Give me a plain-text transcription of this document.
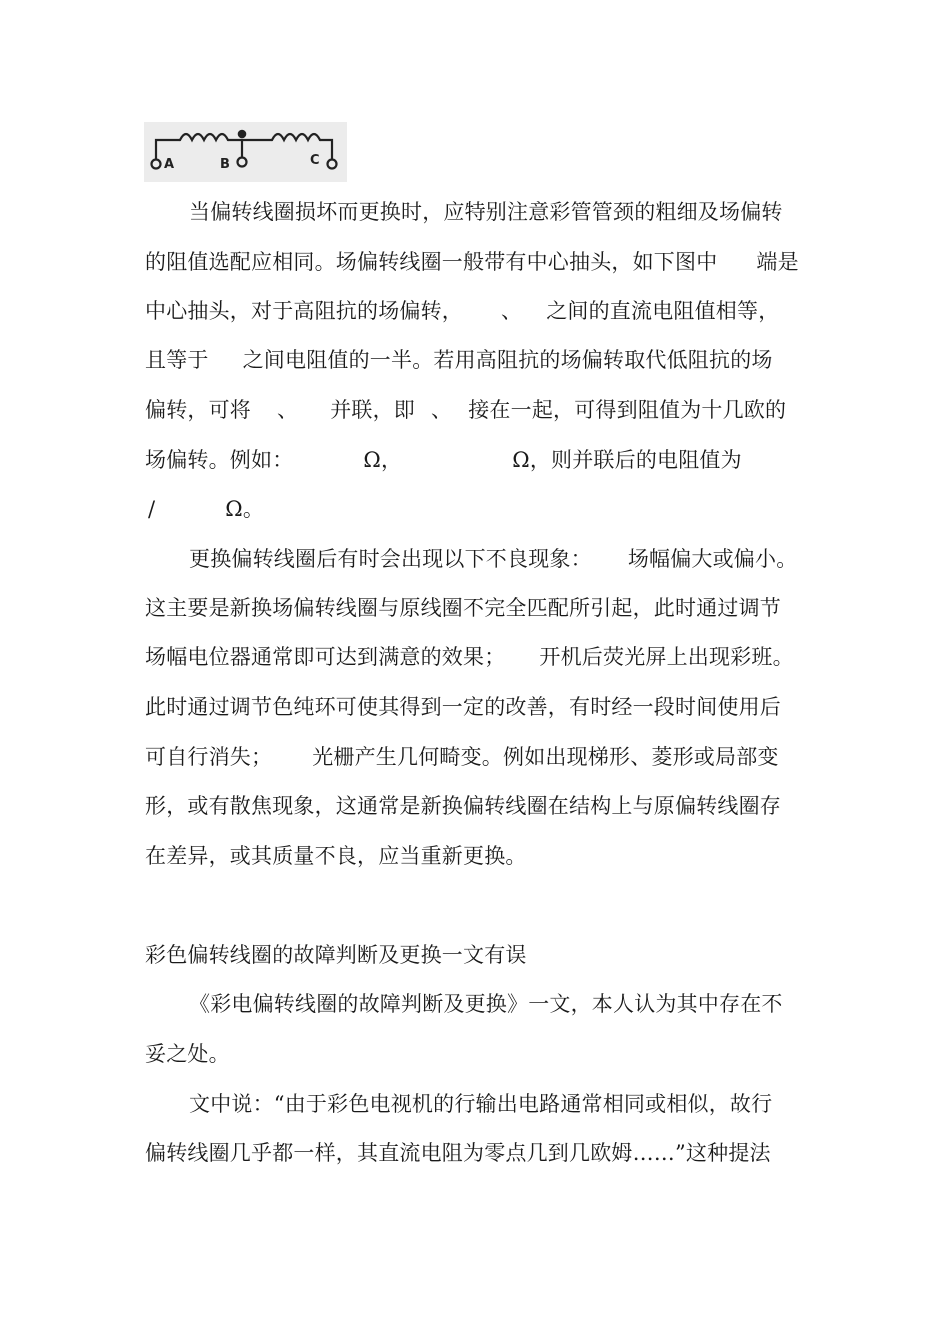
A	B	C
当偏转线圈损坏而更换时，应特别注意彩管管颈的粗细及场偏转
的阻值选配应相同。场偏转线圈一般带有中心抽头，如下图中 端是
中心抽头，对于高阻抗的场偏转， 、 之间的直流电阻值相等，
且等于 之间电阻值的一半。若用高阻抗的场偏转取代低阻抗的场
偏转，可将 、 并联，即 、 接在一起，可得到阻值为十几欧的
场偏转。例如：	Ω，	Ω，则并联后的电阻值为
/	Ω。
更换偏转线圈后有时会出现以下不良现象： 场幅偏大或偏小。
这主要是新换场偏转线圈与原线圈不完全匹配所引起，此时通过调节
场幅电位器通常即可达到满意的效果； 开机后荧光屏上出现彩班。
此时通过调节色纯环可使其得到一定的改善，有时经一段时间使用后
可自行消失； 光栅产生几何畸变。例如出现梯形、菱形或局部变
形，或有散焦现象，这通常是新换偏转线圈在结构上与原偏转线圈存
在差异，或其质量不良，应当重新更换。
彩色偏转线圈的故障判断及更换一文有误
《彩电偏转线圈的故障判断及更换》一文，本人认为其中存在不
妥之处。
文中说：“由于彩色电视机的行输出电路通常相同或相似，故行
偏转线圈几乎都一样，其直流电阻为零点几到几欧姆……”这种提法
